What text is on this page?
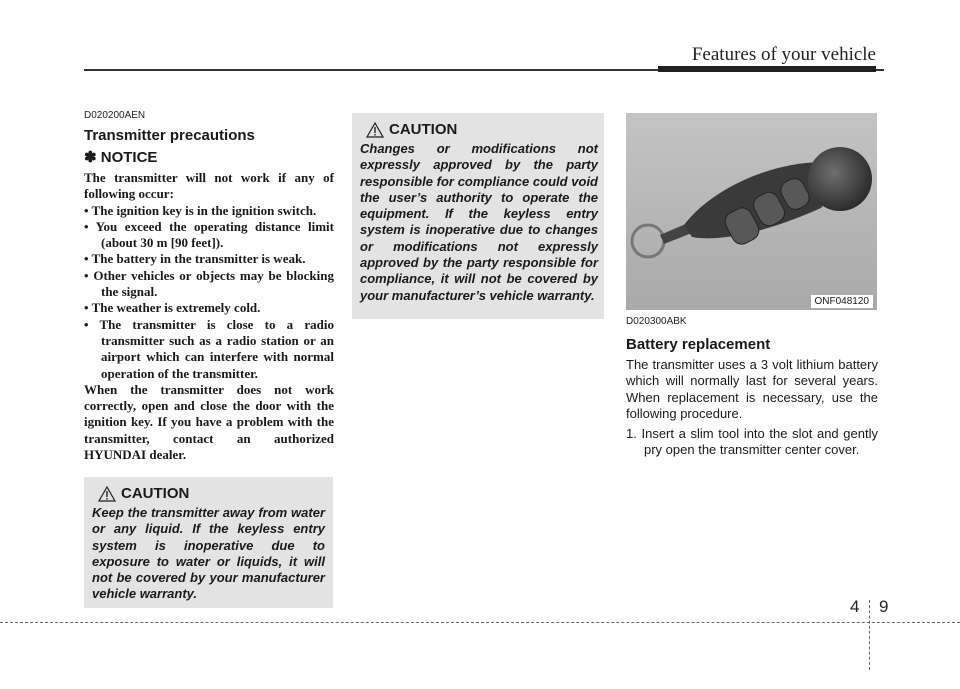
Features of your vehicle
D020200AEN
Transmitter precautions
✽ NOTICE

The transmitter will not work if any of following occur:

• The ignition key is in the ignition switch.

• You exceed the operating distance limit (about 30 m [90 feet]).

• The battery in the transmitter is weak.

• Other vehicles or objects may be blocking the signal.

• The weather is extremely cold.

• The transmitter is close to a radio transmitter such as a radio station or an airport which can interfere with normal operation of the transmitter.

When the transmitter does not work correctly, open and close the door with the ignition key. If you have a problem with the transmitter, contact an authorized HYUNDAI dealer.

CAUTION
Keep the transmitter away from water or any liquid. If the keyless entry system is inoperative due to exposure to water or liquids, it will not be covered by your manufacturer vehicle warranty.
CAUTION
Changes or modifications not expressly approved by the party responsible for compliance could void the user’s authority to operate the equipment. If the keyless entry system is inoperative due to changes or modifications not expressly approved by the party responsible for compliance, it will not be covered by your manufacturer’s vehicle warranty.	ONF048120
D020300ABK
Battery replacement

The transmitter uses a 3 volt lithium battery which will normally last for several years. When replacement is necessary, use the following procedure.

1. Insert a slim tool into the slot and gently pry open the transmitter center cover.

4 9
